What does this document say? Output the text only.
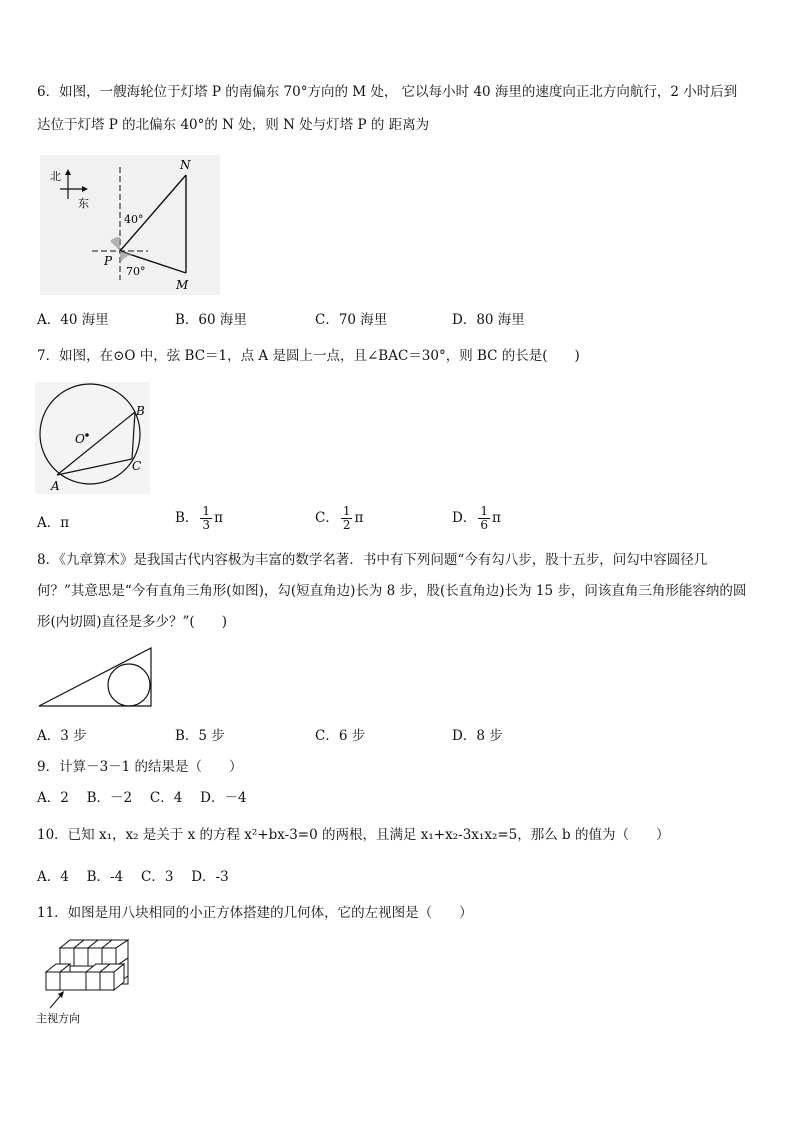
6．如图，一艘海轮位于灯塔 P 的南偏东 70°方向的 M 处， 它以每小时 40 海里的速度向正北方向航行，2 小时后到
达位于灯塔 P 的北偏东 40°的 N 处，则 N 处与灯塔 P 的 距离为
北
东
N
M
P
40°
70°
A．40 海里	B．60 海里	C．70 海里	D．80 海里
7．如图，在⊙O 中，弦 BC＝1，点 A 是圆上一点，且∠BAC＝30°，则 BC 的长是(　　)
O
A
B
C
A．π	B． $\frac{1}{3}$ π	C． $\frac{1}{2}$ π	D． $\frac{1}{6}$ π
8．《九章算术》是我国古代内容极为丰富的数学名著．书中有下列问题“今有勾八步，股十五步，问勾中容圆径几
何？”其意思是“今有直角三角形(如图)，勾(短直角边)长为 8 步，股(长直角边)长为 15 步，问该直角三角形能容纳的圆
形(内切圆)直径是多少？”(　　)
A．3 步	B．5 步	C．6 步	D．8 步
9．计算－3－1 的结果是（　　）
A．2　 B．－2　 C．4　 D．－4
10．已知 x₁，x₂ 是关于 x 的方程 x²+bx-3=0 的两根，且满足 x₁+x₂-3x₁x₂=5，那么 b 的值为（　　）
A．4　 B．-4　 C．3　 D．-3
11．如图是用八块相同的小正方体搭建的几何体，它的左视图是（　　）
主视方向
